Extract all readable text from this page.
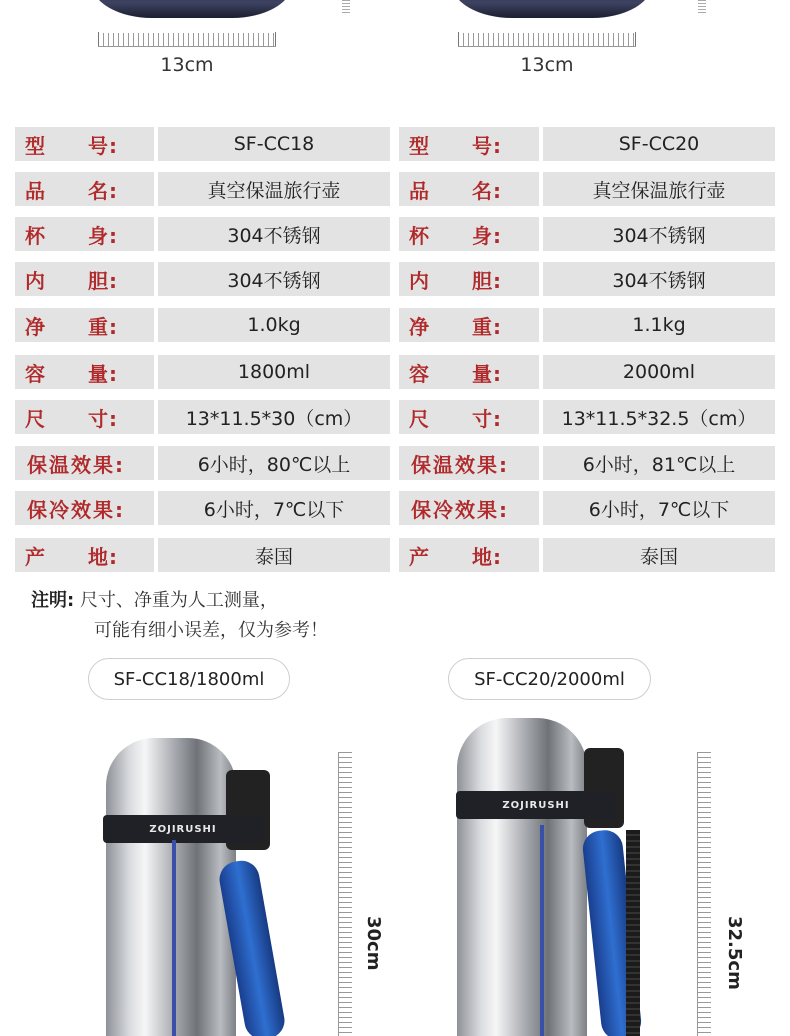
13cm	13cm
型　　号:	SF-CC18	型　　号:	SF-CC20
品　　名:	真空保温旅行壶	品　　名:	真空保温旅行壶
杯　　身:	304不锈钢	杯　　身:	304不锈钢
内　　胆:	304不锈钢	内　　胆:	304不锈钢
净　　重:	1.0kg	净　　重:	1.1kg
容　　量:	1800ml	容　　量:	2000ml
尺　　寸:	13*11.5*30（cm）	尺　　寸:	13*11.5*32.5（cm）
保温效果:	6小时，80℃以上	保温效果:	6小时，81℃以上
保冷效果:	6小时，7℃以下	保冷效果:	6小时，7℃以下
产　　地:	泰国	产　　地:	泰国
注明: 尺寸、净重为人工测量，
可能有细小误差，仅为参考！
SF-CC18/1800ml	SF-CC20/2000ml
ZOJIRUSHI
30cm
ZOJIRUSHI
32.5cm
